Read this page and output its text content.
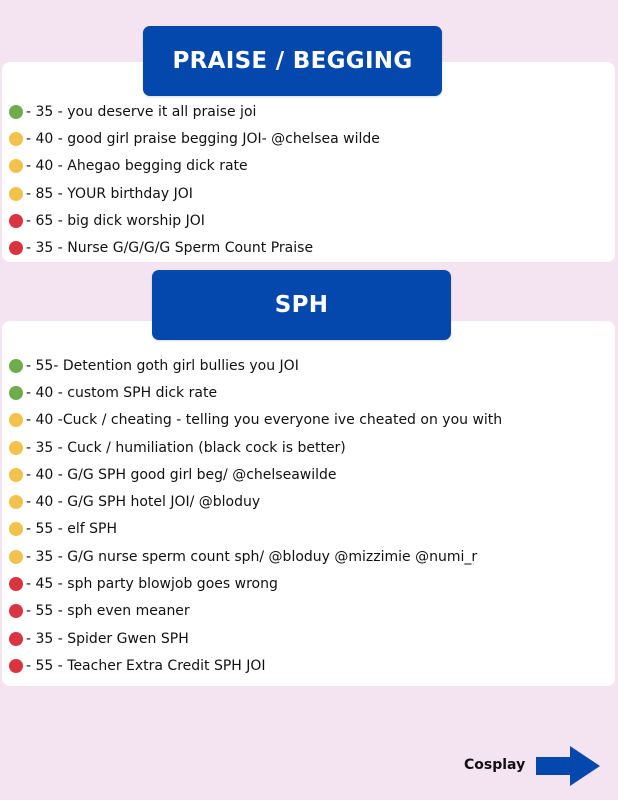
PRAISE / BEGGING
- 35 - you deserve it all praise joi
- 40 - good girl praise begging JOI- @chelsea wilde
- 40 - Ahegao begging dick rate
- 85 - YOUR birthday JOI
- 65 - big dick worship JOI
- 35 - Nurse G/G/G/G Sperm Count Praise
SPH
- 55- Detention goth girl bullies you JOI
- 40 - custom SPH dick rate
- 40 -Cuck / cheating - telling you everyone ive cheated on you with
- 35 - Cuck / humiliation (black cock is better)
- 40 - G/G SPH good girl beg/ @chelseawilde
- 40 - G/G SPH hotel JOI/ @bloduy
- 55 - elf SPH
- 35 - G/G nurse sperm count sph/ @bloduy @mizzimie @numi_r
- 45 - sph party blowjob goes wrong
- 55 - sph even meaner
- 35 - Spider Gwen SPH
- 55 - Teacher Extra Credit SPH JOI
Cosplay
